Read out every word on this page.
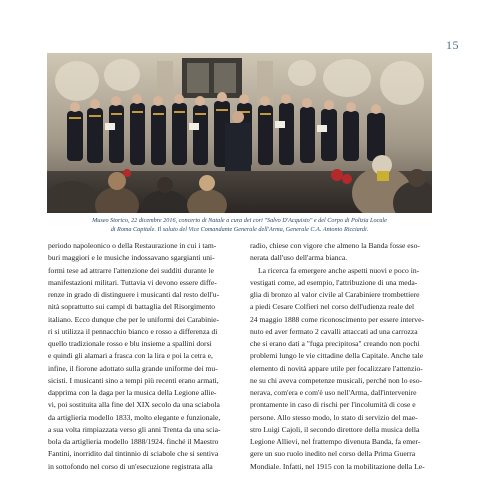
15
Museo Storico, 22 dicembre 2016, concerto di Natale a cura dei cori "Salvo D'Acquisto" e del Corpo di Polizia Locale
di Roma Capitale. Il saluto del Vice Comandante Generale dell'Arma, Generale C.A. Antonio Ricciardi.
periodo napoleonico o della Restaurazione in cui i tam-
buri maggiori e le musiche indossavano sgargianti uni-
formi tese ad attrarre l'attenzione dei sudditi durante le
manifestazioni militari. Tuttavia vi devono essere diffe-
renze in grado di distinguere i musicanti dal resto dell'u-
nità soprattutto sui campi di battaglia del Risorgimento
italiano. Ecco dunque che per le uniformi dei Carabinie-
ri si utilizza il pennacchio bianco e rosso a differenza di
quello tradizionale rosso e blu insieme a spallini dorsi
e quindi gli alamari a frasca con la lira e poi la cetra e,
infine, il fiorone adottato sulla grande uniforme dei mu-
sicisti. I musicanti sino a tempi più recenti erano armati,
dapprima con la daga per la musica della Legione allie-
vi, poi sostituita alla fine del XIX secolo da una sciabola
da artiglieria modello 1833, molto elegante e funzionale,
a sua volta rimpiazzata verso gli anni Trenta da una scia-
bola da artiglieria modello 1888/1924. finché il Maestro
Fantini, inorridito dal tintinnio di sciabole che si sentiva
in sottofondo nel corso di un'esecuzione registrata alla
radio, chiese con vigore che almeno la Banda fosse eso-
nerata dall'uso dell'arma bianca.
La ricerca fa emergere anche aspetti nuovi e poco in-
vestigati come, ad esempio, l'attribuzione di una meda-
glia di bronzo al valor civile al Carabiniere trombettiere
a piedi Cesare Colfieri nel corso dell'udienza reale del
24 maggio 1888 come riconoscimento per essere interve-
nuto ed aver fermato 2 cavalli attaccati ad una carrozza
che si erano dati a "fuga precipitosa" creando non pochi
problemi lungo le vie cittadine della Capitale. Anche tale
elemento di novità appare utile per focalizzare l'attenzio-
ne su chi aveva competenze musicali, perché non lo eso-
nerava, com'era e com'è uso nell'Arma, dall'intervenire
prontamente in caso di rischi per l'incolumità di cose e
persone. Allo stesso modo, lo stato di servizio del mae-
stro Luigi Cajoli, il secondo direttore della musica della
Legione Allievi, nel frattempo divenuta Banda, fa emer-
gere un suo ruolo inedito nel corso della Prima Guerra
Mondiale. Infatti, nel 1915 con la mobilitazione della Le-
